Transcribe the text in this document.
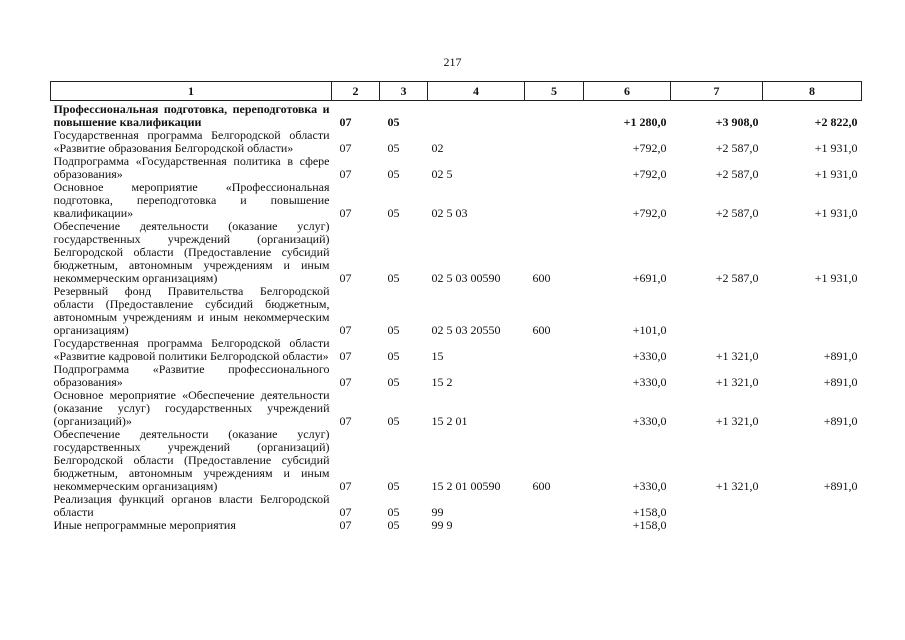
217
1	2	3	4	5	6	7	8
Профессиональная подготовка, переподготовка и повышение квалификации	07	05			+1 280,0	+3 908,0	+2 822,0
Государственная программа Белгородской области «Развитие образования Белгородской области»	07	05	02		+792,0	+2 587,0	+1 931,0
Подпрограмма «Государственная политика в сфере образования»	07	05	02 5		+792,0	+2 587,0	+1 931,0
Основное мероприятие «Профессиональная подготовка, переподготовка и повышение квалификации»	07	05	02 5 03		+792,0	+2 587,0	+1 931,0
Обеспечение деятельности (оказание услуг) государственных учреждений (организаций) Белгородской области (Предоставление субсидий бюджетным, автономным учреждениям и иным некоммерческим организациям)	07	05	02 5 03 00590	600	+691,0	+2 587,0	+1 931,0
Резервный фонд Правительства Белгородской области (Предоставление субсидий бюджетным, автономным учреждениям и иным некоммерческим организациям)	07	05	02 5 03 20550	600	+101,0		
Государственная программа Белгородской области «Развитие кадровой политики Белгородской области»	07	05	15		+330,0	+1 321,0	+891,0
Подпрограмма «Развитие профессионального образования»	07	05	15 2		+330,0	+1 321,0	+891,0
Основное мероприятие «Обеспечение деятельности (оказание услуг) государственных учреждений (организаций)»	07	05	15 2 01		+330,0	+1 321,0	+891,0
Обеспечение деятельности (оказание услуг) государственных учреждений (организаций) Белгородской области (Предоставление субсидий бюджетным, автономным учреждениям и иным некоммерческим организациям)	07	05	15 2 01 00590	600	+330,0	+1 321,0	+891,0
Реализация функций органов власти Белгородской области	07	05	99		+158,0		
Иные непрограммные мероприятия	07	05	99 9		+158,0		
